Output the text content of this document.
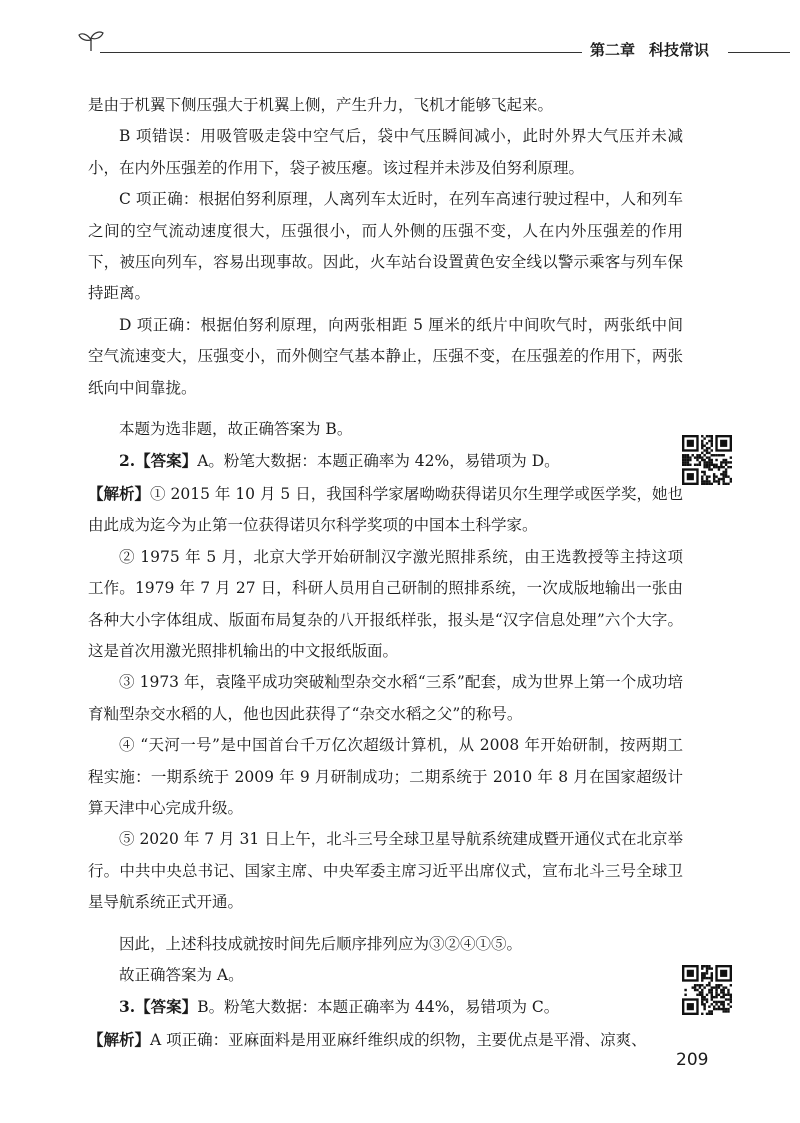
第二章 科技常识

是由于机翼下侧压强大于机翼上侧，产生升力，飞机才能够飞起来。

B 项错误：用吸管吸走袋中空气后，袋中气压瞬间减小，此时外界大气压并未减小，在内外压强差的作用下，袋子被压瘪。该过程并未涉及伯努利原理。

C 项正确：根据伯努利原理，人离列车太近时，在列车高速行驶过程中，人和列车之间的空气流动速度很大，压强很小，而人外侧的压强不变，人在内外压强差的作用下，被压向列车，容易出现事故。因此，火车站台设置黄色安全线以警示乘客与列车保持距离。

D 项正确：根据伯努利原理，向两张相距 5 厘米的纸片中间吹气时，两张纸中间空气流速变大，压强变小，而外侧空气基本静止，压强不变，在压强差的作用下，两张纸向中间靠拢。

本题为选非题，故正确答案为 B。

2.【答案】A。粉笔大数据：本题正确率为 42%，易错项为 D。

【解析】① 2015 年 10 月 5 日，我国科学家屠呦呦获得诺贝尔生理学或医学奖，她也由此成为迄今为止第一位获得诺贝尔科学奖项的中国本土科学家。

② 1975 年 5 月，北京大学开始研制汉字激光照排系统，由王选教授等主持这项工作。1979 年 7 月 27 日，科研人员用自己研制的照排系统，一次成版地输出一张由各种大小字体组成、版面布局复杂的八开报纸样张，报头是“汉字信息处理”六个大字。这是首次用激光照排机输出的中文报纸版面。

③ 1973 年，袁隆平成功突破籼型杂交水稻“三系”配套，成为世界上第一个成功培育籼型杂交水稻的人，他也因此获得了“杂交水稻之父”的称号。

④ “天河一号”是中国首台千万亿次超级计算机，从 2008 年开始研制，按两期工程实施：一期系统于 2009 年 9 月研制成功；二期系统于 2010 年 8 月在国家超级计算天津中心完成升级。

⑤ 2020 年 7 月 31 日上午，北斗三号全球卫星导航系统建成暨开通仪式在北京举行。中共中央总书记、国家主席、中央军委主席习近平出席仪式，宣布北斗三号全球卫星导航系统正式开通。

因此，上述科技成就按时间先后顺序排列应为③②④①⑤。

故正确答案为 A。

3.【答案】B。粉笔大数据：本题正确率为 44%，易错项为 C。

【解析】A 项正确：亚麻面料是用亚麻纤维织成的织物，主要优点是平滑、凉爽、

209
